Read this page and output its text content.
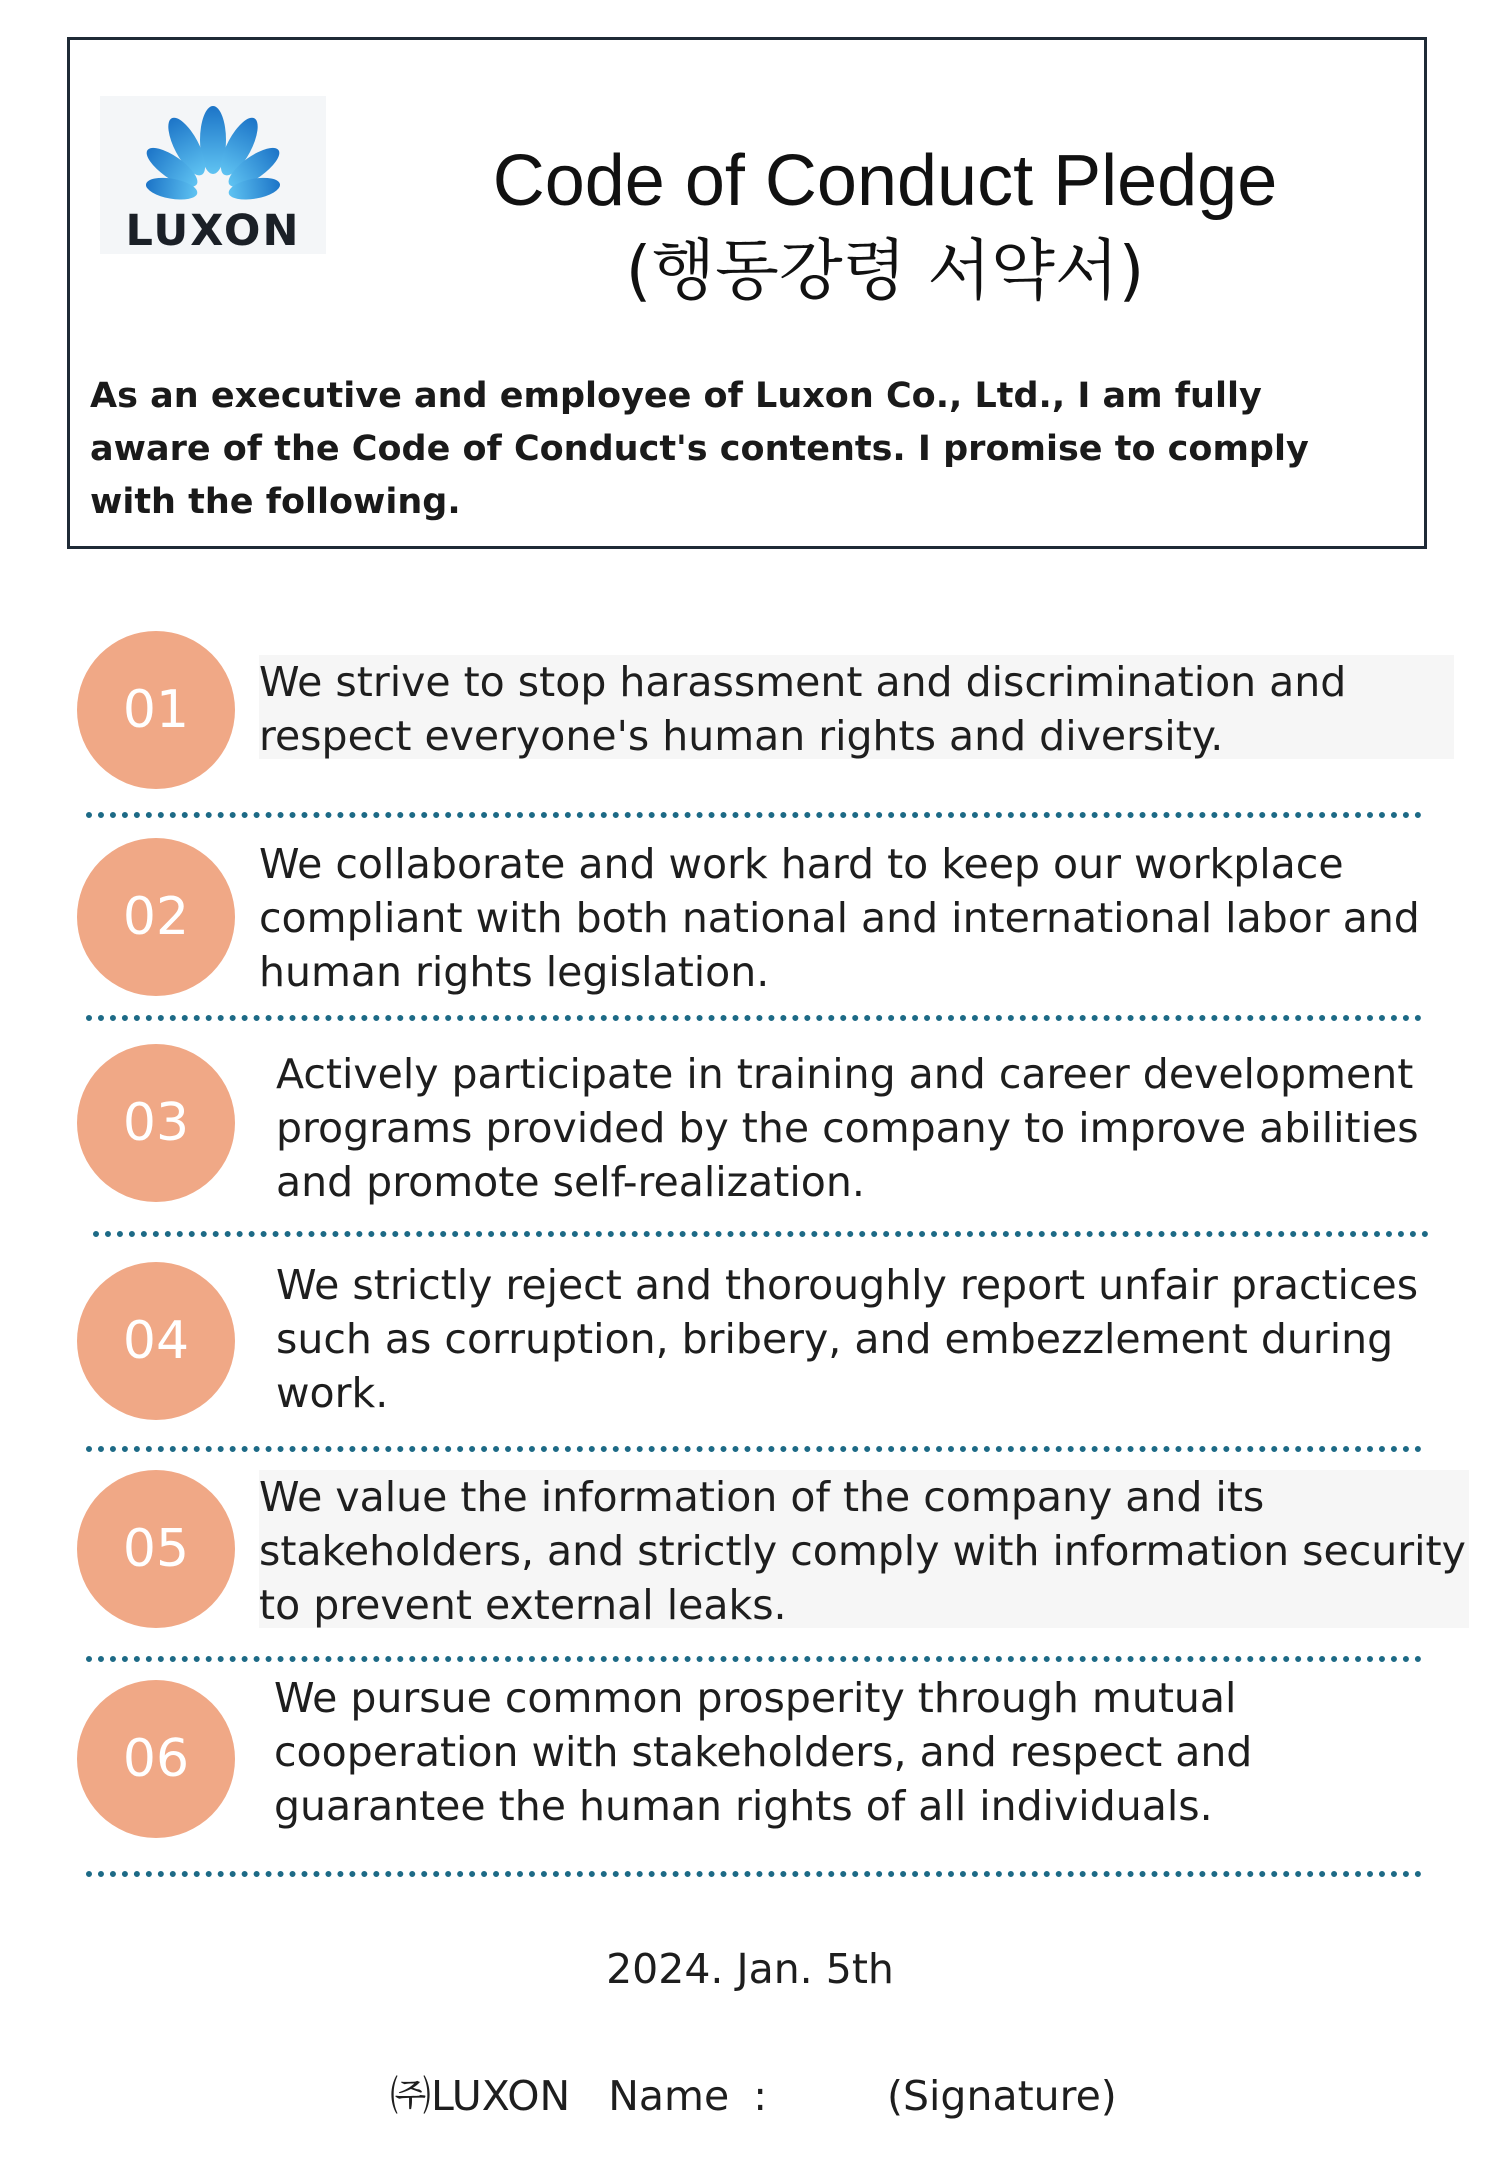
LUXON
Code of Conduct Pledge
(행동강령 서약서)
As an executive and employee of Luxon Co., Ltd., I am fully aware of the Code of Conduct's contents. I promise to comply with the following.
01	We strive to stop harassment and discrimination and respect everyone's human rights and diversity.
02
We collaborate and work hard to keep our workplace compliant with both national and international labor and human rights legislation.
03
Actively participate in training and career development programs provided by the company to improve abilities and promote self-realization.
04
We strictly reject and thoroughly report unfair practices such as corruption, bribery, and embezzlement during work.
05
We value the information of the company and its stakeholders, and strictly comply with information security to prevent external leaks.
06
We pursue common prosperity through mutual cooperation with stakeholders, and respect and guarantee the human rights of all individuals.
2024. Jan. 5th
㈜LUXON Name :	(Signature)
